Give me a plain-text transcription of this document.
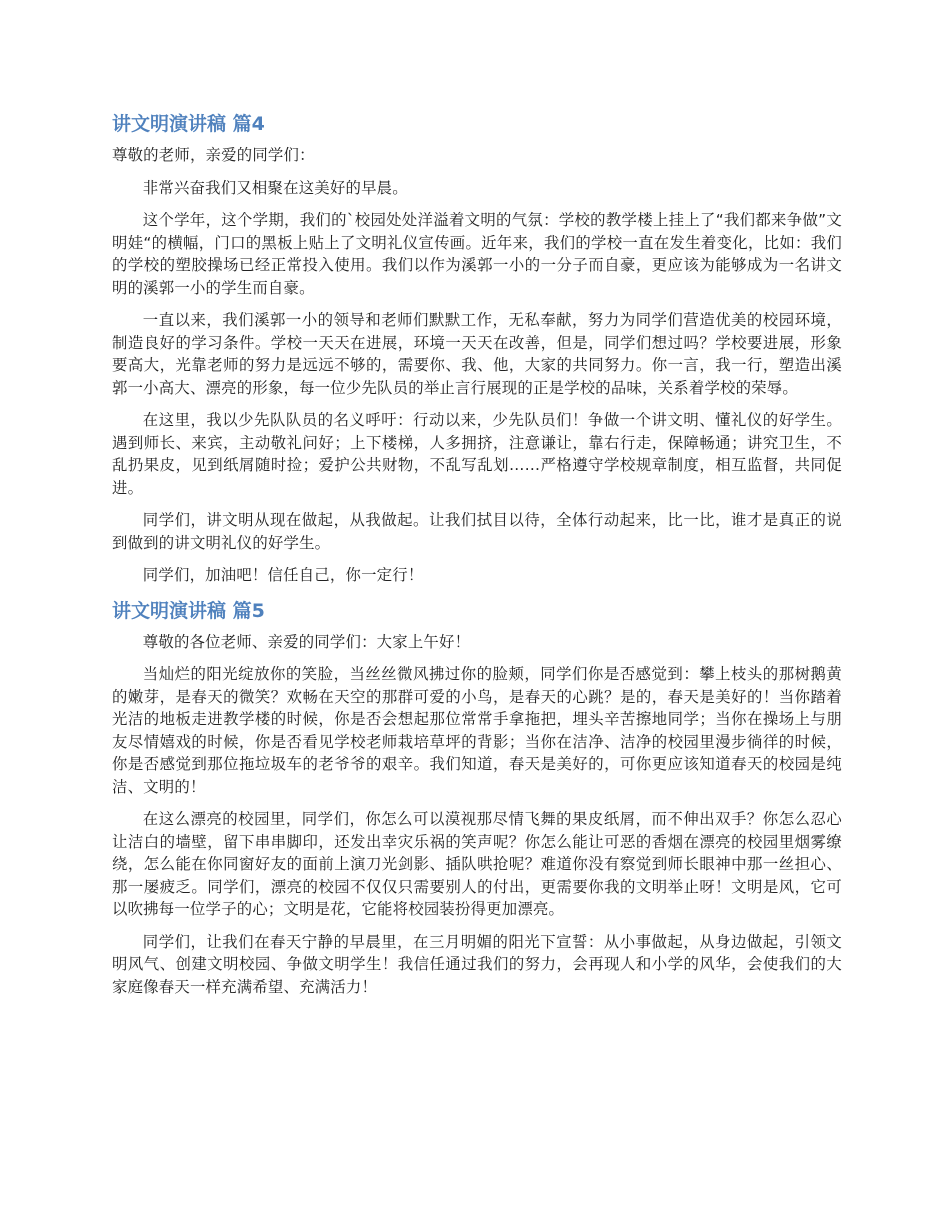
讲文明演讲稿 篇4

尊敬的老师，亲爱的同学们：

非常兴奋我们又相聚在这美好的早晨。

这个学年，这个学期，我们的`校园处处洋溢着文明的气氛：学校的教学楼上挂上了“我们都来争做”文明娃“的横幅，门口的黑板上贴上了文明礼仪宣传画。近年来，我们的学校一直在发生着变化，比如：我们的学校的塑胶操场已经正常投入使用。我们以作为溪郭一小的一分子而自豪，更应该为能够成为一名讲文明的溪郭一小的学生而自豪。

一直以来，我们溪郭一小的领导和老师们默默工作，无私奉献，努力为同学们营造优美的校园环境，制造良好的学习条件。学校一天天在进展，环境一天天在改善，但是，同学们想过吗？学校要进展，形象要高大，光靠老师的努力是远远不够的，需要你、我、他，大家的共同努力。你一言，我一行，塑造出溪郭一小高大、漂亮的形象，每一位少先队员的举止言行展现的正是学校的品味，关系着学校的荣辱。

在这里，我以少先队队员的名义呼吁：行动以来，少先队员们！争做一个讲文明、懂礼仪的好学生。遇到师长、来宾，主动敬礼问好；上下楼梯，人多拥挤，注意谦让，靠右行走，保障畅通；讲究卫生，不乱扔果皮，见到纸屑随时捡；爱护公共财物，不乱写乱划……严格遵守学校规章制度，相互监督，共同促进。

同学们，讲文明从现在做起，从我做起。让我们拭目以待，全体行动起来，比一比，谁才是真正的说到做到的讲文明礼仪的好学生。

同学们，加油吧！信任自己，你一定行！

讲文明演讲稿 篇5

尊敬的各位老师、亲爱的同学们：大家上午好！

当灿烂的阳光绽放你的笑脸，当丝丝微风拂过你的脸颊，同学们你是否感觉到：攀上枝头的那树鹅黄的嫩芽，是春天的微笑？欢畅在天空的那群可爱的小鸟，是春天的心跳？是的，春天是美好的！当你踏着光洁的地板走进教学楼的时候，你是否会想起那位常常手拿拖把，埋头辛苦擦地同学；当你在操场上与朋友尽情嬉戏的时候，你是否看见学校老师栽培草坪的背影；当你在洁净、洁净的校园里漫步徜徉的时候，你是否感觉到那位拖垃圾车的老爷爷的艰辛。我们知道，春天是美好的，可你更应该知道春天的校园是纯洁、文明的！

在这么漂亮的校园里，同学们，你怎么可以漠视那尽情飞舞的果皮纸屑，而不伸出双手？你怎么忍心让洁白的墙壁，留下串串脚印，还发出幸灾乐祸的笑声呢？你怎么能让可恶的香烟在漂亮的校园里烟雾缭绕，怎么能在你同窗好友的面前上演刀光剑影、插队哄抢呢？难道你没有察觉到师长眼神中那一丝担心、那一屡疲乏。同学们，漂亮的校园不仅仅只需要别人的付出，更需要你我的文明举止呀！文明是风，它可以吹拂每一位学子的心；文明是花，它能将校园装扮得更加漂亮。

同学们，让我们在春天宁静的早晨里，在三月明媚的阳光下宣誓：从小事做起，从身边做起，引领文明风气、创建文明校园、争做文明学生！我信任通过我们的努力，会再现人和小学的风华，会使我们的大家庭像春天一样充满希望、充满活力！
